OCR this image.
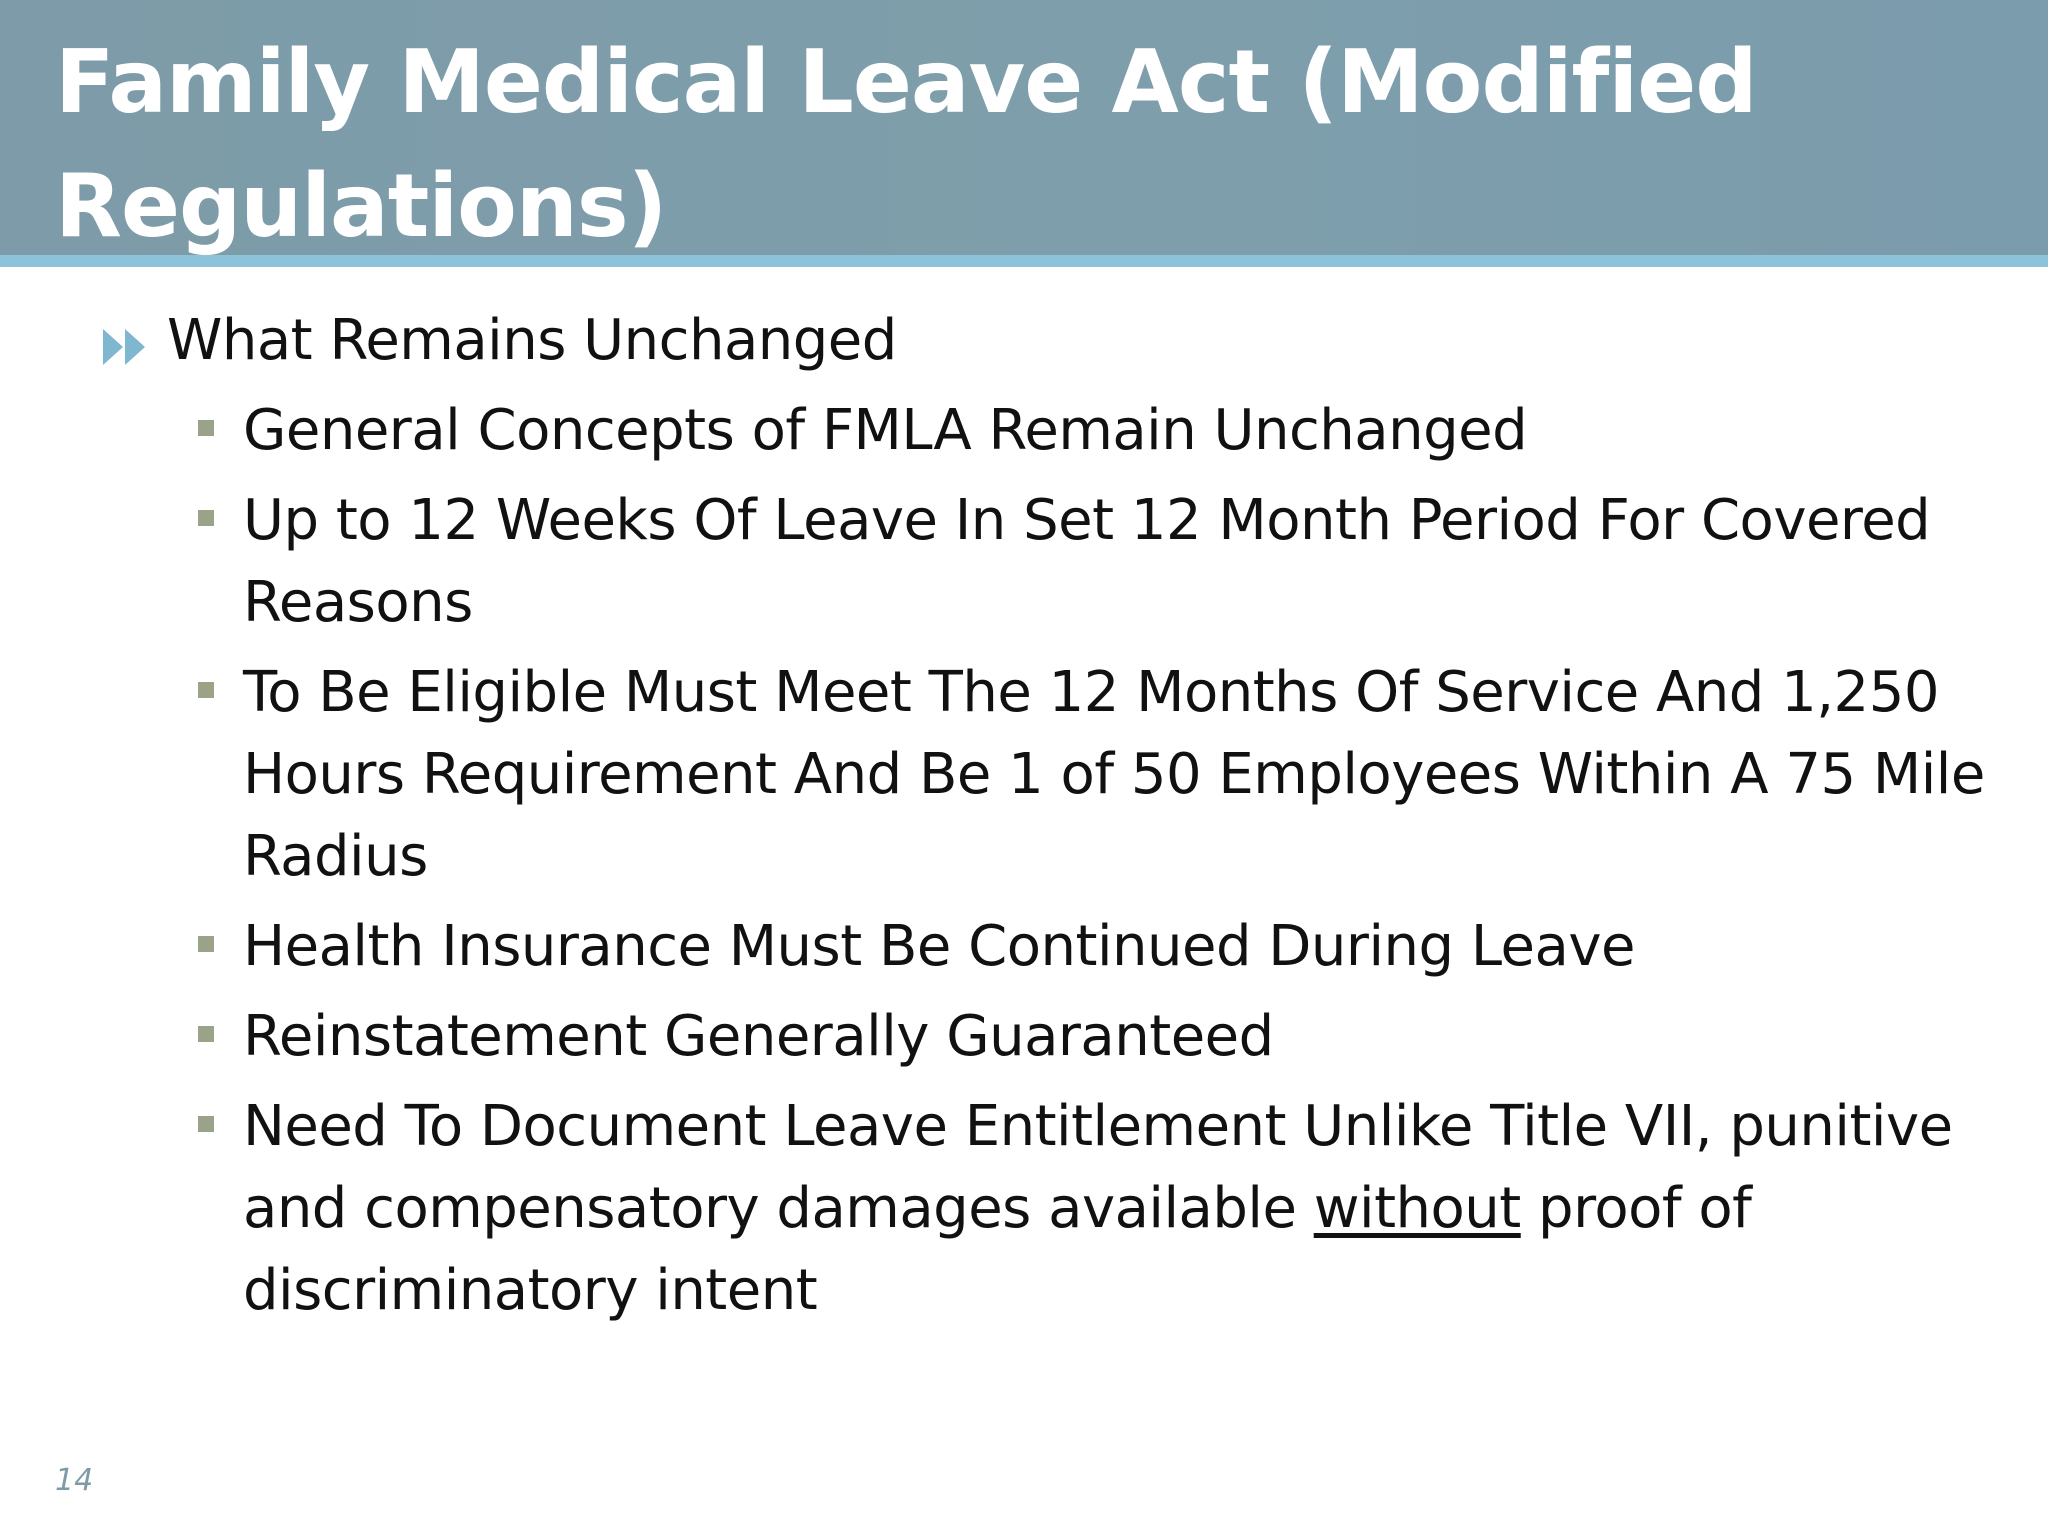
Family Medical Leave Act (Modified Regulations)
What Remains Unchanged
General Concepts of FMLA Remain Unchanged
Up to 12 Weeks Of Leave In Set 12 Month Period For Covered Reasons
To Be Eligible Must Meet The 12 Months Of Service And 1,250 Hours Requirement And Be 1 of 50 Employees Within A 75 Mile Radius
Health Insurance Must Be Continued During Leave
Reinstatement Generally Guaranteed
Need To Document Leave Entitlement Unlike Title VII, punitive and compensatory damages available without proof of discriminatory intent
14
